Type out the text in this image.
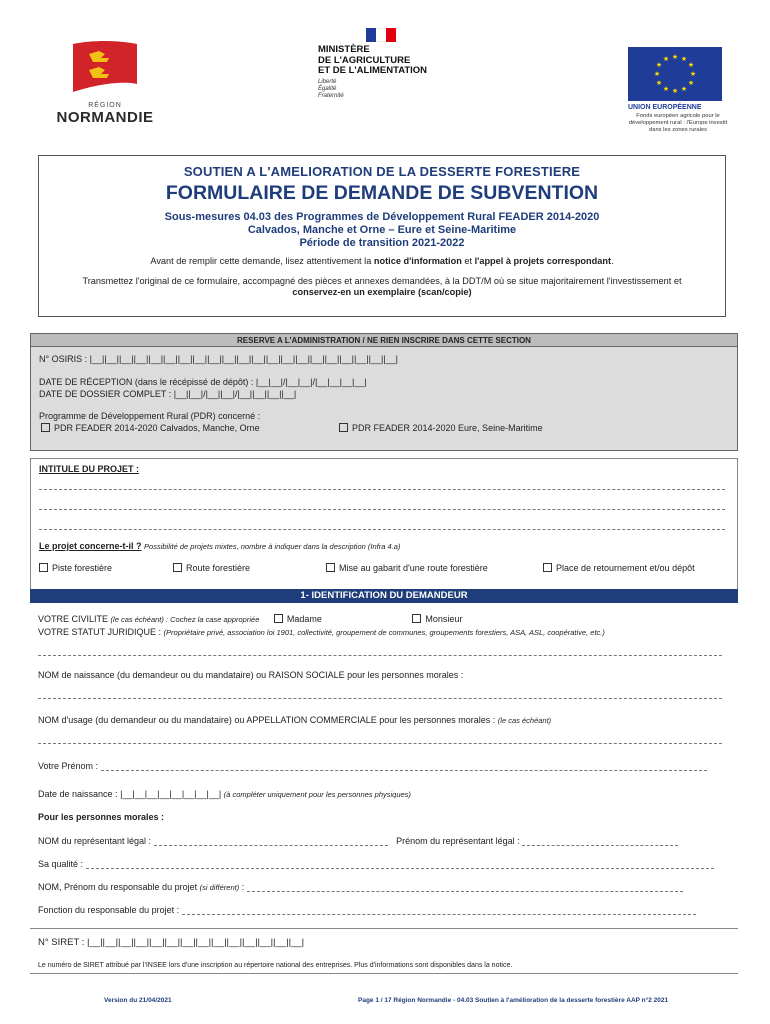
RÉGION
NORMANDIE
MINISTÈRE
DE L'AGRICULTURE
ET DE L'ALIMENTATION
Liberté
Égalité
Fraternité
★ ★
★
★
★
★
★
★
★
★
★
★
UNION EUROPÉENNE
Fonds européen agricole pour le développement rural : l'Europe investit dans les zones rurales
SOUTIEN A L'AMELIORATION DE LA DESSERTE FORESTIERE
FORMULAIRE DE DEMANDE DE SUBVENTION
Sous-mesures 04.03 des Programmes de Développement Rural FEADER 2014-2020
Calvados, Manche et Orne – Eure et Seine-Maritime
Période de transition 2021-2022
Avant de remplir cette demande, lisez attentivement la notice d'information et l'appel à projets correspondant.
Transmettez l'original de ce formulaire, accompagné des pièces et annexes demandées, à la DDT/M où se situe majoritairement l'investissement et
conservez-en un exemplaire (scan/copie)
RESERVE A L'ADMINISTRATION / NE RIEN INSCRIRE DANS CETTE SECTION
N° OSIRIS : |__||__||__||__||__||__||__||__||__||__||__||__||__||__||__||__||__||__||__||__||__|
DATE DE RÉCEPTION (dans le récépissé de dépôt) : |__|__|/|__|__|/|__|__|__|__|
DATE DE DOSSIER COMPLET : |__||__|/|__||__|/|__||__||__||__|
Programme de Développement Rural (PDR) concerné :
PDR FEADER 2014-2020 Calvados, Manche, Orne	PDR FEADER 2014-2020 Eure, Seine-Maritime
INTITULE DU PROJET :
Le projet concerne-t-il ? Possibilité de projets mixtes, nombre à indiquer dans la description (Infra 4.a)
Piste forestière	Route forestière	Mise au gabarit d'une route forestière	Place de retournement et/ou dépôt
1- IDENTIFICATION DU DEMANDEUR
VOTRE CIVILITE (le cas échéant) : Cochez la case appropriée	Madame	Monsieur
VOTRE STATUT JURIDIQUE : (Propriétaire privé, association loi 1901, collectivité, groupement de communes, groupements forestiers, ASA, ASL, coopérative, etc.)
NOM de naissance (du demandeur ou du mandataire) ou RAISON SOCIALE pour les personnes morales :
NOM d'usage (du demandeur ou du mandataire) ou APPELLATION COMMERCIALE pour les personnes morales : (le cas échéant)
Votre Prénom :
Date de naissance : |__|__|__|__|__|__|__|__| (à compléter uniquement pour les personnes physiques)
Pour les personnes morales :
NOM du représentant légal :	Prénom du représentant légal :
Sa qualité :
NOM, Prénom du responsable du projet (si différent) :
Fonction du responsable du projet :
N° SIRET : |__||__||__||__||__||__||__||__||__||__||__||__||__||__|
Le numéro de SIRET attribué par l'INSEE lors d'une inscription au répertoire national des entreprises. Plus d'informations sont disponibles dans la notice.
Version du 21/04/2021	Page 1 / 17 Région Normandie - 04.03 Soutien à l'amélioration de la desserte forestière AAP n°2 2021
